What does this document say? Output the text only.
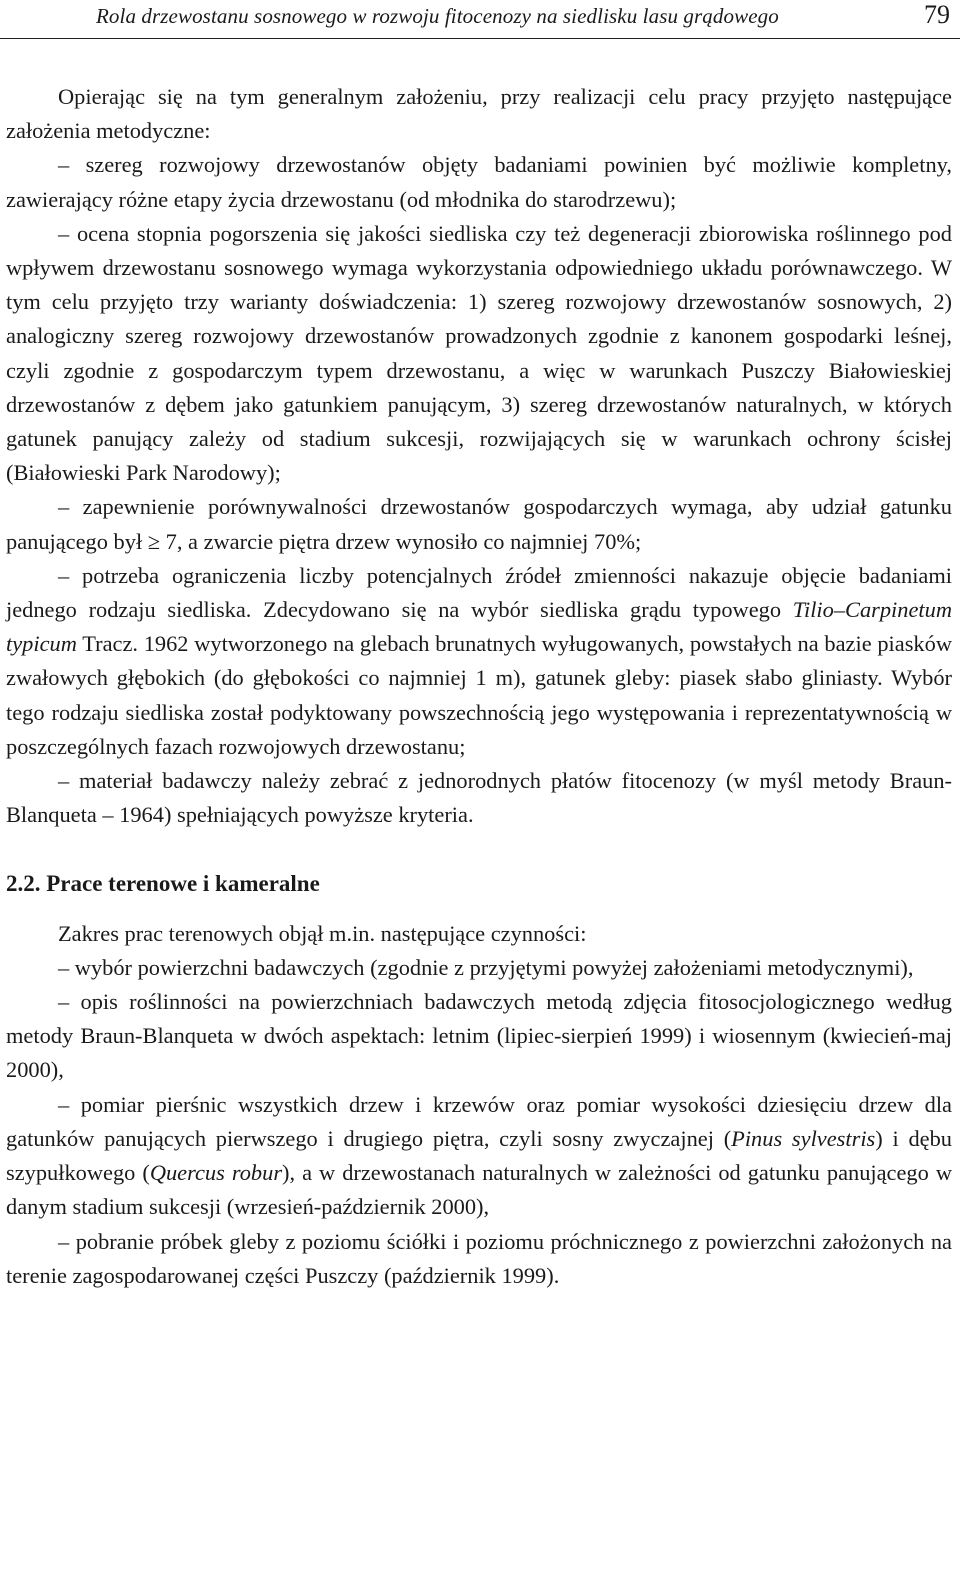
Rola drzewostanu sosnowego w rozwoju fitocenozy na siedlisku lasu grądowego	79

Opierając się na tym generalnym założeniu, przy realizacji celu pracy przyjęto następujące założenia metodyczne:

– szereg rozwojowy drzewostanów objęty badaniami powinien być możliwie kompletny, zawierający różne etapy życia drzewostanu (od młodnika do starodrzewu);

– ocena stopnia pogorszenia się jakości siedliska czy też degeneracji zbiorowiska roślinnego pod wpływem drzewostanu sosnowego wymaga wykorzystania odpowiedniego układu porównawczego. W tym celu przyjęto trzy warianty doświadczenia: 1) szereg rozwojowy drzewostanów sosnowych, 2) analogiczny szereg rozwojowy drzewostanów prowadzonych zgodnie z kanonem gospodarki leśnej, czyli zgodnie z gospodarczym typem drzewostanu, a więc w warunkach Puszczy Białowieskiej drzewostanów z dębem jako gatunkiem panującym, 3) szereg drzewostanów naturalnych, w których gatunek panujący zależy od stadium sukcesji, rozwijających się w warunkach ochrony ścisłej (Białowieski Park Narodowy);

– zapewnienie porównywalności drzewostanów gospodarczych wymaga, aby udział gatunku panującego był ≥ 7, a zwarcie piętra drzew wynosiło co najmniej 70%;

– potrzeba ograniczenia liczby potencjalnych źródeł zmienności nakazuje objęcie badaniami jednego rodzaju siedliska. Zdecydowano się na wybór siedliska grądu typowego Tilio–Carpinetum typicum Tracz. 1962 wytworzonego na glebach brunatnych wyługowanych, powstałych na bazie piasków zwałowych głębokich (do głębokości co najmniej 1 m), gatunek gleby: piasek słabo gliniasty. Wybór tego rodzaju siedliska został podyktowany powszechnością jego występowania i reprezentatywnością w poszczególnych fazach rozwojowych drzewostanu;

– materiał badawczy należy zebrać z jednorodnych płatów fitocenozy (w myśl metody Braun-Blanqueta – 1964) spełniających powyższe kryteria.

2.2. Prace terenowe i kameralne

Zakres prac terenowych objął m.in. następujące czynności:

– wybór powierzchni badawczych (zgodnie z przyjętymi powyżej założeniami metodycznymi),

– opis roślinności na powierzchniach badawczych metodą zdjęcia fitosocjologicznego według metody Braun-Blanqueta w dwóch aspektach: letnim (lipiec-sierpień 1999) i wiosennym (kwiecień-maj 2000),

– pomiar pierśnic wszystkich drzew i krzewów oraz pomiar wysokości dziesięciu drzew dla gatunków panujących pierwszego i drugiego piętra, czyli sosny zwyczajnej (Pinus sylvestris) i dębu szypułkowego (Quercus robur), a w drzewostanach naturalnych w zależności od gatunku panującego w danym stadium sukcesji (wrzesień-październik 2000),

– pobranie próbek gleby z poziomu ściółki i poziomu próchnicznego z powierzchni założonych na terenie zagospodarowanej części Puszczy (październik 1999).
